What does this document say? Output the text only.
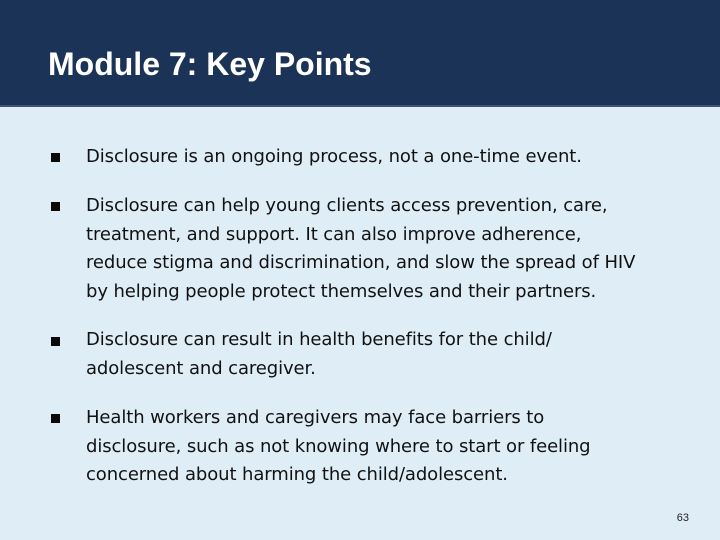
Module 7: Key Points

Disclosure is an ongoing process, not a one-time event.

Disclosure can help young clients access prevention, care,
treatment, and support. It can also improve adherence,
reduce stigma and discrimination, and slow the spread of HIV
by helping people protect themselves and their partners.

Disclosure can result in health benefits for the child/
adolescent and caregiver.

Health workers and caregivers may face barriers to
disclosure, such as not knowing where to start or feeling
concerned about harming the child/adolescent.

63
